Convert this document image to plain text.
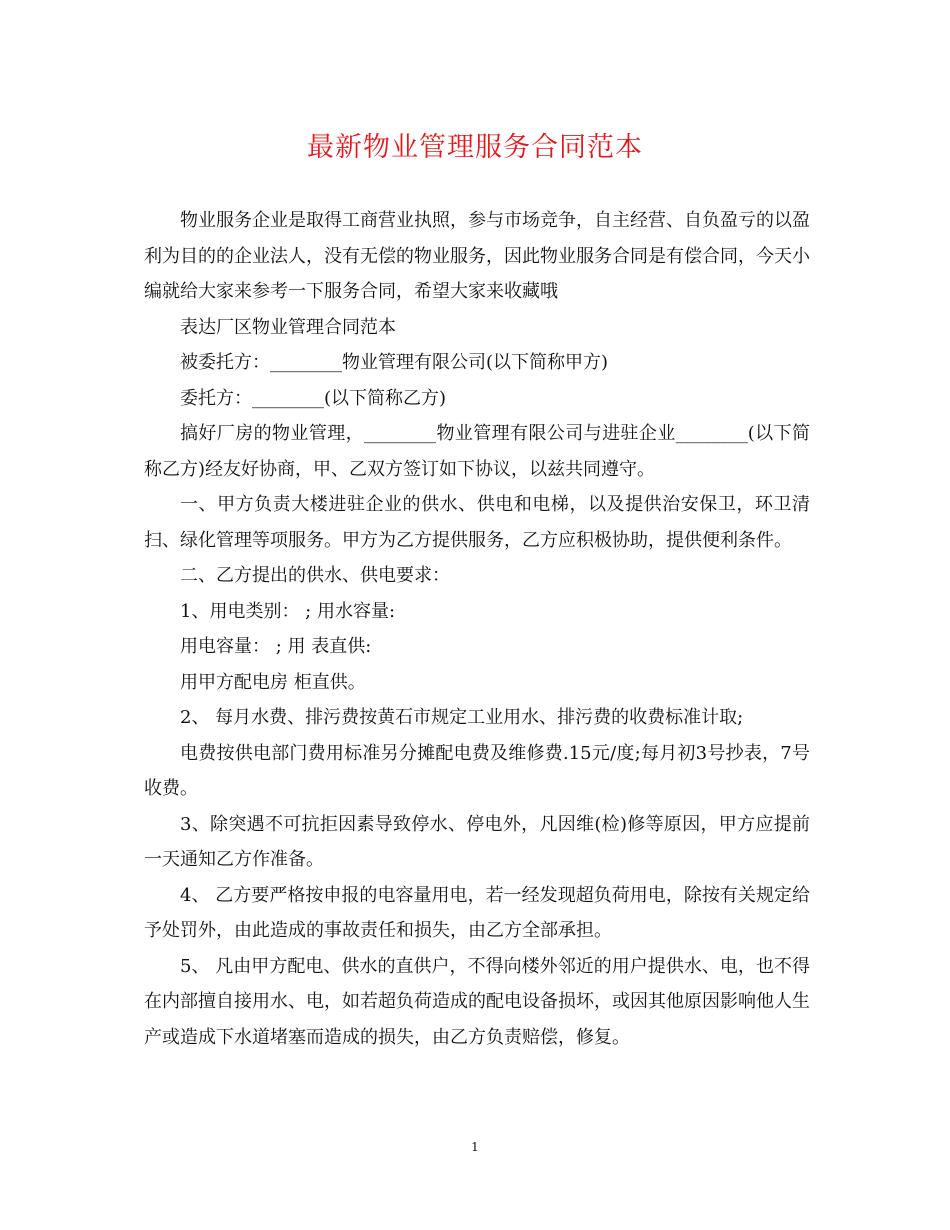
最新物业管理服务合同范本

物业服务企业是取得工商营业执照，参与市场竞争，自主经营、自负盈亏的以盈利为目的的企业法人，没有无偿的物业服务，因此物业服务合同是有偿合同，今天小编就给大家来参考一下服务合同，希望大家来收藏哦

表达厂区物业管理合同范本

被委托方：________物业管理有限公司(以下简称甲方)

委托方：________(以下简称乙方)

搞好厂房的物业管理，________物业管理有限公司与进驻企业________(以下简称乙方)经友好协商，甲、乙双方签订如下协议，以兹共同遵守。

一、甲方负责大楼进驻企业的供水、供电和电梯，以及提供治安保卫，环卫清扫、绿化管理等项服务。甲方为乙方提供服务，乙方应积极协助，提供便利条件。

二、乙方提出的供水、供电要求：

1、用电类别： ; 用水容量:

用电容量： ; 用 表直供:

用甲方配电房 柜直供。

2、 每月水费、排污费按黄石市规定工业用水、排污费的收费标准计取;

电费按供电部门费用标准另分摊配电费及维修费.15元/度;每月初3号抄表，7号收费。

3、除突遇不可抗拒因素导致停水、停电外，凡因维(检)修等原因，甲方应提前一天通知乙方作准备。

4、 乙方要严格按申报的电容量用电，若一经发现超负荷用电，除按有关规定给予处罚外，由此造成的事故责任和损失，由乙方全部承担。

5、 凡由甲方配电、供水的直供户，不得向楼外邻近的用户提供水、电，也不得在内部擅自接用水、电，如若超负荷造成的配电设备损坏，或因其他原因影响他人生产或造成下水道堵塞而造成的损失，由乙方负责赔偿，修复。

1
